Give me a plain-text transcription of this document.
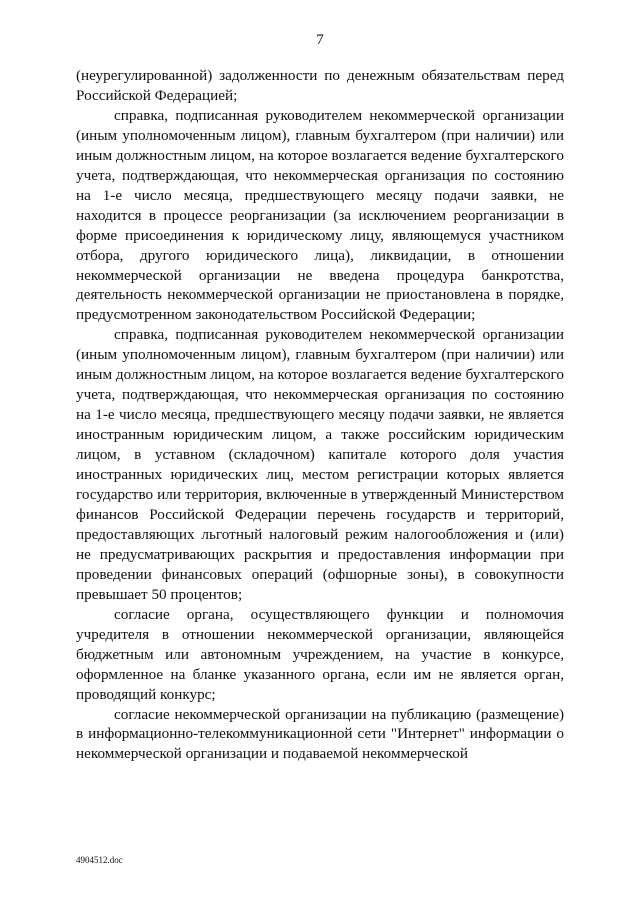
7

(неурегулированной) задолженности по денежным обязательствам перед Российской Федерацией;

справка, подписанная руководителем некоммерческой организации (иным уполномоченным лицом), главным бухгалтером (при наличии) или иным должностным лицом, на которое возлагается ведение бухгалтерского учета, подтверждающая, что некоммерческая организация по состоянию на 1-е число месяца, предшествующего месяцу подачи заявки, не находится в процессе реорганизации (за исключением реорганизации в форме присоединения к юридическому лицу, являющемуся участником отбора, другого юридического лица), ликвидации, в отношении некоммерческой организации не введена процедура банкротства, деятельность некоммерческой организации не приостановлена в порядке, предусмотренном законодательством Российской Федерации;

справка, подписанная руководителем некоммерческой организации (иным уполномоченным лицом), главным бухгалтером (при наличии) или иным должностным лицом, на которое возлагается ведение бухгалтерского учета, подтверждающая, что некоммерческая организация по состоянию на 1-е число месяца, предшествующего месяцу подачи заявки, не является иностранным юридическим лицом, а также российским юридическим лицом, в уставном (складочном) капитале которого доля участия иностранных юридических лиц, местом регистрации которых является государство или территория, включенные в утвержденный Министерством финансов Российской Федерации перечень государств и территорий, предоставляющих льготный налоговый режим налогообложения и (или) не предусматривающих раскрытия и предоставления информации при проведении финансовых операций (офшорные зоны), в совокупности превышает 50 процентов;

согласие органа, осуществляющего функции и полномочия учредителя в отношении некоммерческой организации, являющейся бюджетным или автономным учреждением, на участие в конкурсе, оформленное на бланке указанного органа, если им не является орган, проводящий конкурс;

согласие некоммерческой организации на публикацию (размещение) в информационно-телекоммуникационной сети "Интернет" информации о некоммерческой организации и подаваемой некоммерческой

4904512.doc
